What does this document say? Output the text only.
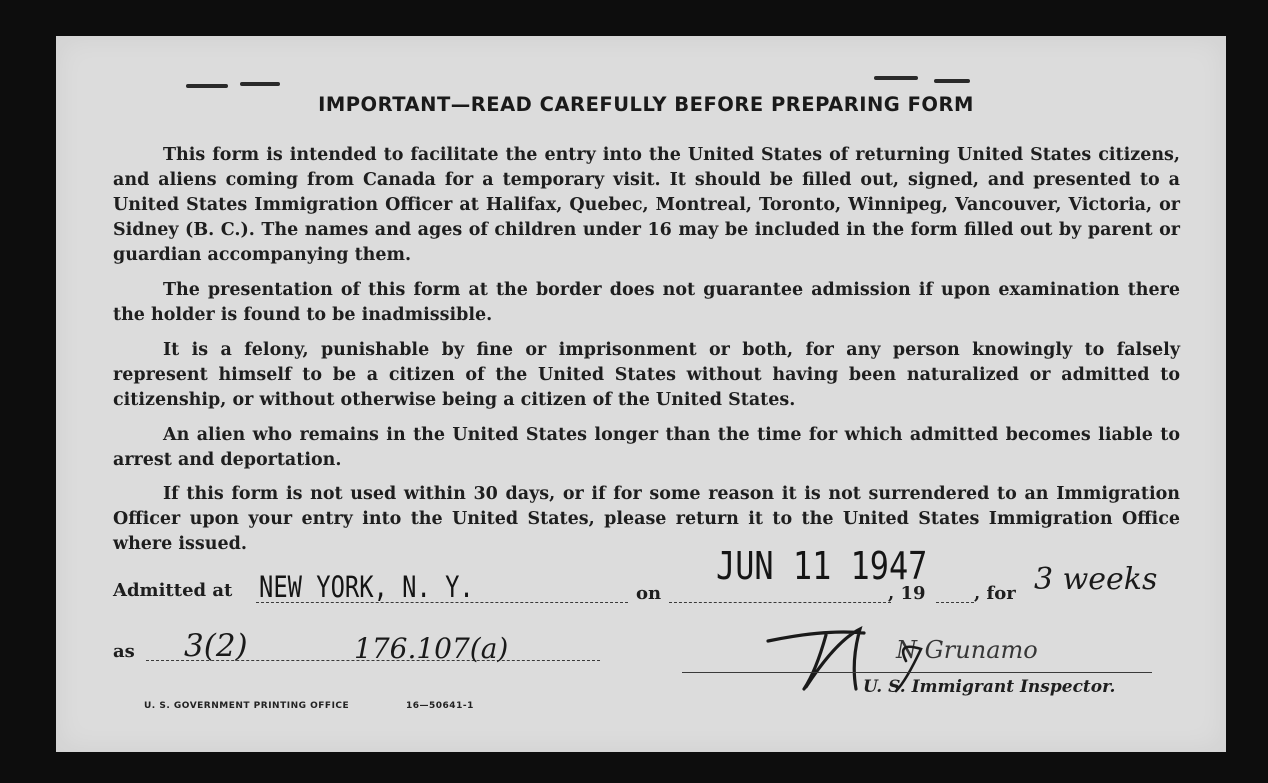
IMPORTANT—READ CAREFULLY BEFORE PREPARING FORM

This form is intended to facilitate the entry into the United States of returning United States citizens, and aliens coming from Canada for a temporary visit. It should be filled out, signed, and presented to a United States Immigration Officer at Halifax, Quebec, Montreal, Toronto, Winnipeg, Vancouver, Victoria, or Sidney (B. C.). The names and ages of children under 16 may be included in the form filled out by parent or guardian accompanying them.

The presentation of this form at the border does not guarantee admission if upon examination there the holder is found to be inadmissible.

It is a felony, punishable by fine or imprisonment or both, for any person knowingly to falsely represent himself to be a citizen of the United States without having been naturalized or admitted to citizenship, or without otherwise being a citizen of the United States.

An alien who remains in the United States longer than the time for which admitted becomes liable to arrest and deportation.

If this form is not used within 30 days, or if for some reason it is not surrendered to an Immigration Officer upon your entry into the United States, please return it to the United States Immigration Office where issued.

Admitted at NEW YORK, N. Y.	on
JUN 11 1947
, 19	, for 3 weeks
as 3(2)	176.107(a)	N Grunamo
U. S. Immigrant Inspector.
U. S. GOVERNMENT PRINTING OFFICE	16—50641-1
